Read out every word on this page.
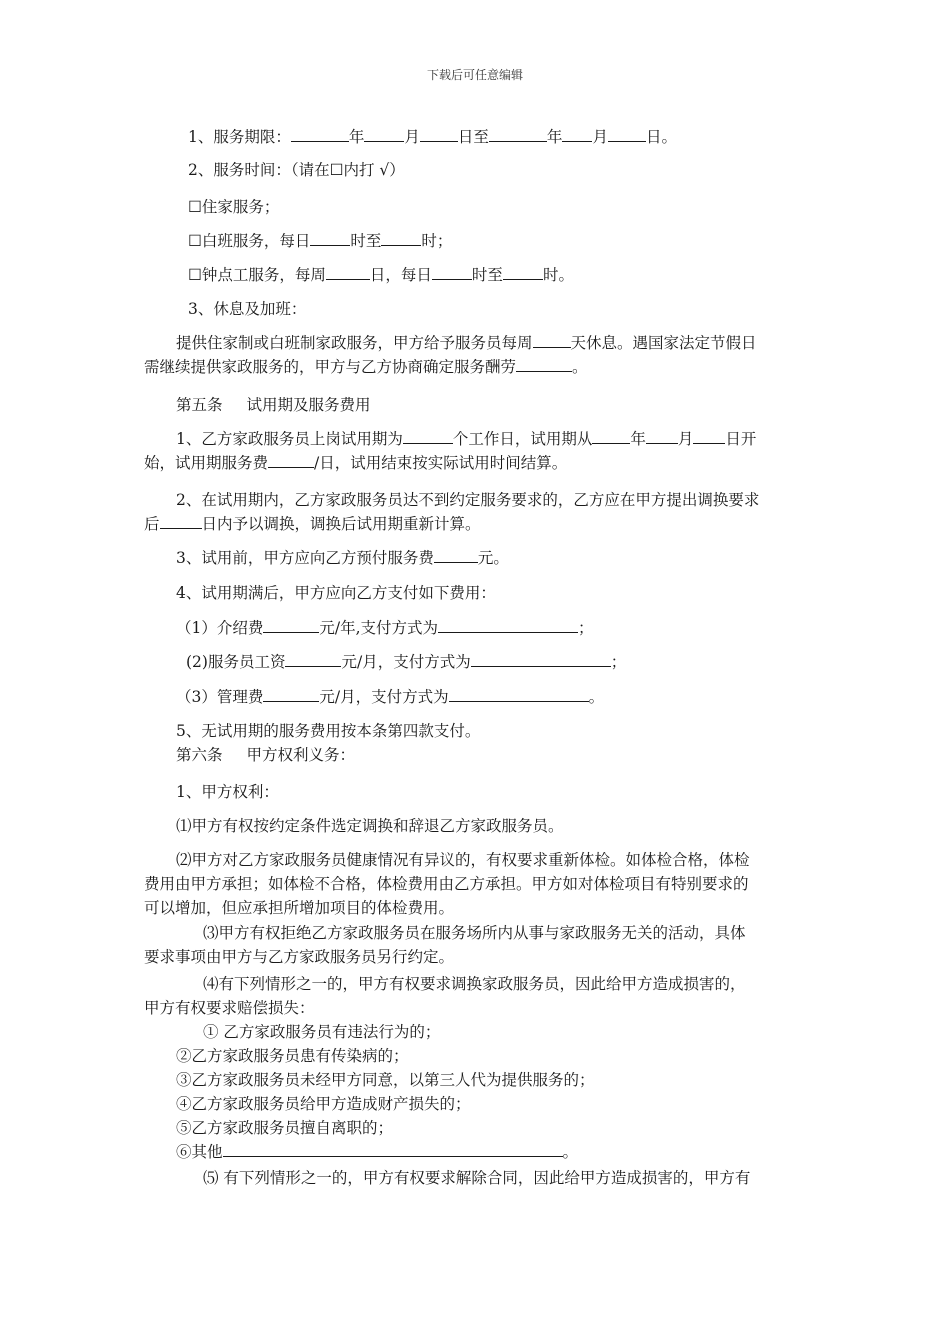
下载后可任意编辑
1、服务期限：	年	月 日至	年 月 日。
2、服务时间：（请在☐内打 √）
☐住家服务；
☐白班服务，每日	时至	时；
☐钟点工服务，每周	日，每日	时至	时。
3、休息及加班：
提供住家制或白班制家政服务，甲方给予服务员每周 天休息。遇国家法定节假日
需继续提供家政服务的，甲方与乙方协商确定服务酬劳	。
第五条 试用期及服务费用
1、乙方家政服务员上岗试用期为	个工作日，试用期从 年 月 日开
始，试用期服务费	/日，试用结束按实际试用时间结算。
2、在试用期内，乙方家政服务员达不到约定服务要求的，乙方应在甲方提出调换要求
后	日内予以调换，调换后试用期重新计算。
3、试用前，甲方应向乙方预付服务费	元。
4、试用期满后，甲方应向乙方支付如下费用：
（1）介绍费	元/年,支付方式为	；
(2)服务员工资	元/月，支付方式为	；
（3）管理费	元/月，支付方式为	。
5、无试用期的服务费用按本条第四款支付。
第六条 甲方权利义务：
1、甲方权利：
⑴甲方有权按约定条件选定调换和辞退乙方家政服务员。
⑵甲方对乙方家政服务员健康情况有异议的，有权要求重新体检。如体检合格，体检
费用由甲方承担；如体检不合格，体检费用由乙方承担。甲方如对体检项目有特别要求的
可以增加，但应承担所增加项目的体检费用。
⑶甲方有权拒绝乙方家政服务员在服务场所内从事与家政服务无关的活动，具体
要求事项由甲方与乙方家政服务员另行约定。
⑷有下列情形之一的，甲方有权要求调换家政服务员，因此给甲方造成损害的，
甲方有权要求赔偿损失：
① 乙方家政服务员有违法行为的；
②乙方家政服务员患有传染病的；
③乙方家政服务员未经甲方同意，以第三人代为提供服务的；
④乙方家政服务员给甲方造成财产损失的；
⑤乙方家政服务员擅自离职的；
⑥其他	。
⑸ 有下列情形之一的，甲方有权要求解除合同，因此给甲方造成损害的，甲方有
